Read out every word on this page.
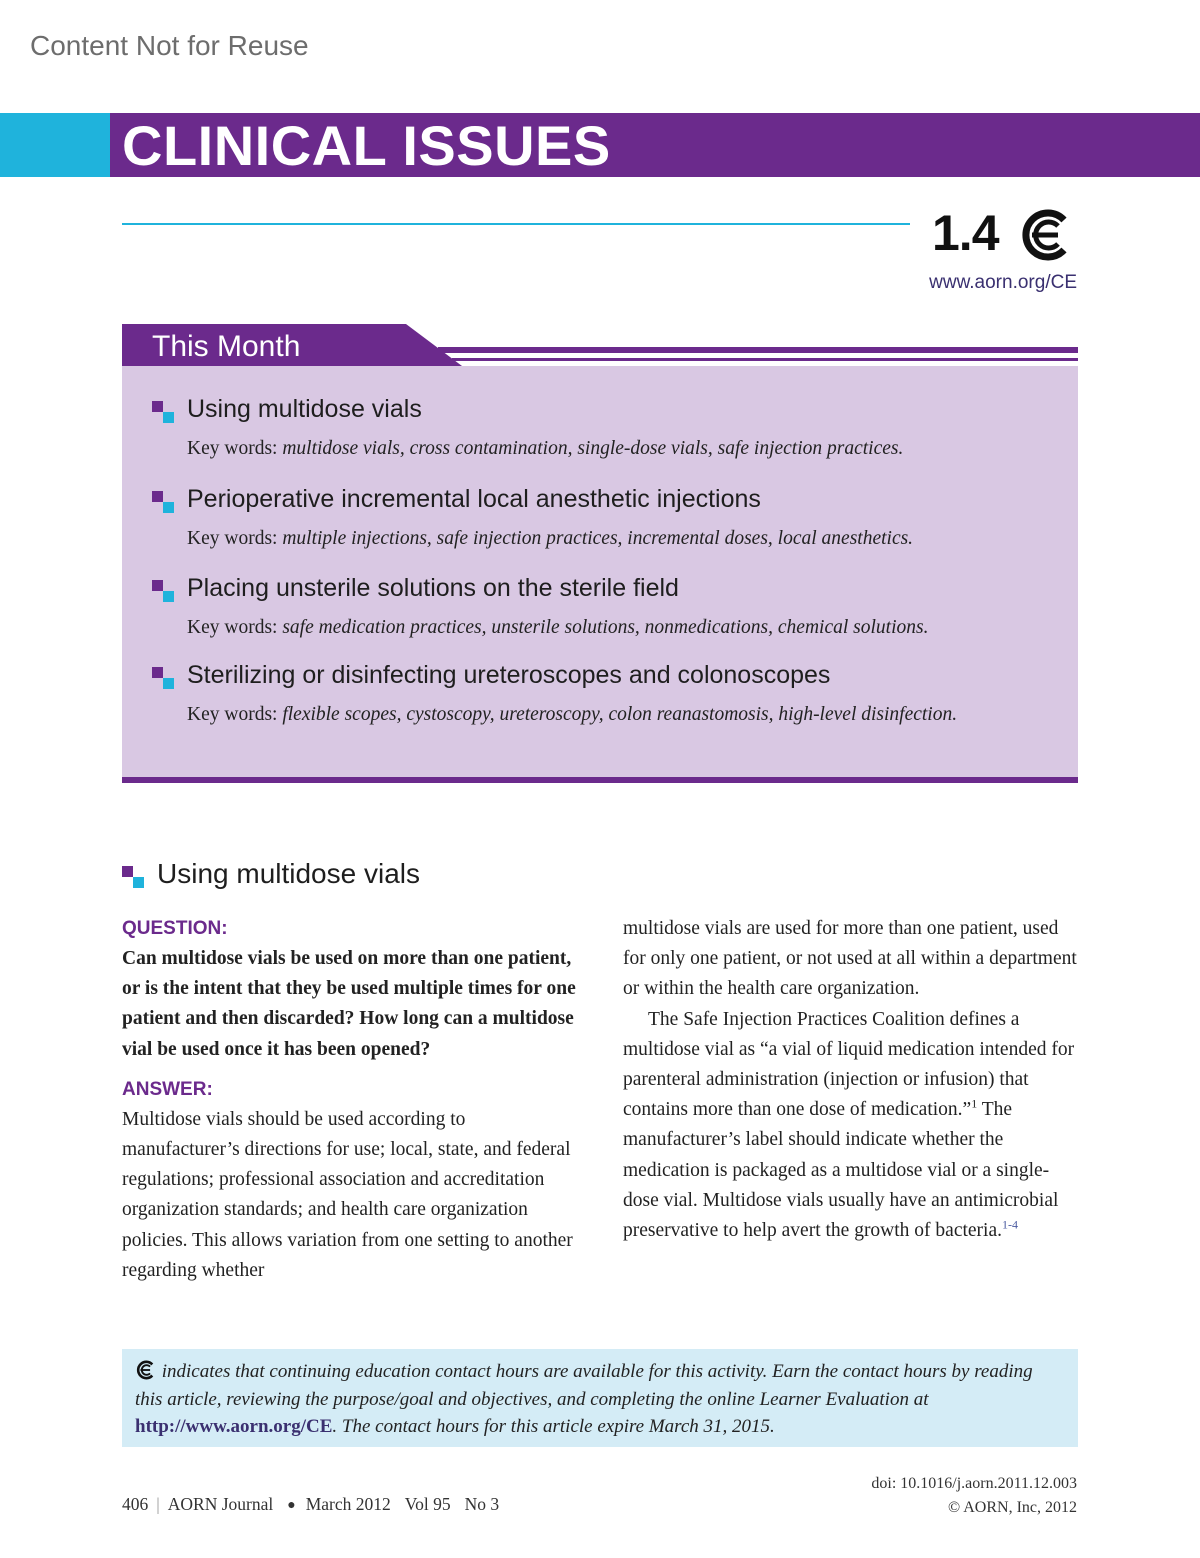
Content Not for Reuse
CLINICAL ISSUES
1.4
www.aorn.org/CE
This Month
Using multidose vials
Key words: multidose vials, cross contamination, single-dose vials, safe injection practices.
Perioperative incremental local anesthetic injections
Key words: multiple injections, safe injection practices, incremental doses, local anesthetics.
Placing unsterile solutions on the sterile field
Key words: safe medication practices, unsterile solutions, nonmedications, chemical solutions.
Sterilizing or disinfecting ureteroscopes and colonoscopes
Key words: flexible scopes, cystoscopy, ureteroscopy, colon reanastomosis, high-level disinfection.
Using multidose vials
QUESTION:
Can multidose vials be used on more than one patient, or is the intent that they be used multiple times for one patient and then discarded? How long can a multidose vial be used once it has been opened?
ANSWER:
Multidose vials should be used according to manufacturer’s directions for use; local, state, and federal regulations; professional association and accreditation organization standards; and health care organization policies. This allows variation from one setting to another regarding whether
multidose vials are used for more than one patient, used for only one patient, or not used at all within a department or within the health care organization.
The Safe Injection Practices Coalition defines a multidose vial as “a vial of liquid medication intended for parenteral administration (injection or infusion) that contains more than one dose of medication.”$^1$ The manufacturer’s label should indicate whether the medication is packaged as a multidose vial or a single-dose vial. Multidose vials usually have an antimicrobial preservative to help avert the growth of bacteria.$^{1-4}$
indicates that continuing education contact hours are available for this activity. Earn the contact hours by reading this article, reviewing the purpose/goal and objectives, and completing the online Learner Evaluation at http://www.aorn.org/CE. The contact hours for this article expire March 31, 2015.
406 | AORN Journal ● March 2012 Vol 95 No 3
doi: 10.1016/j.aorn.2011.12.003
© AORN, Inc, 2012
